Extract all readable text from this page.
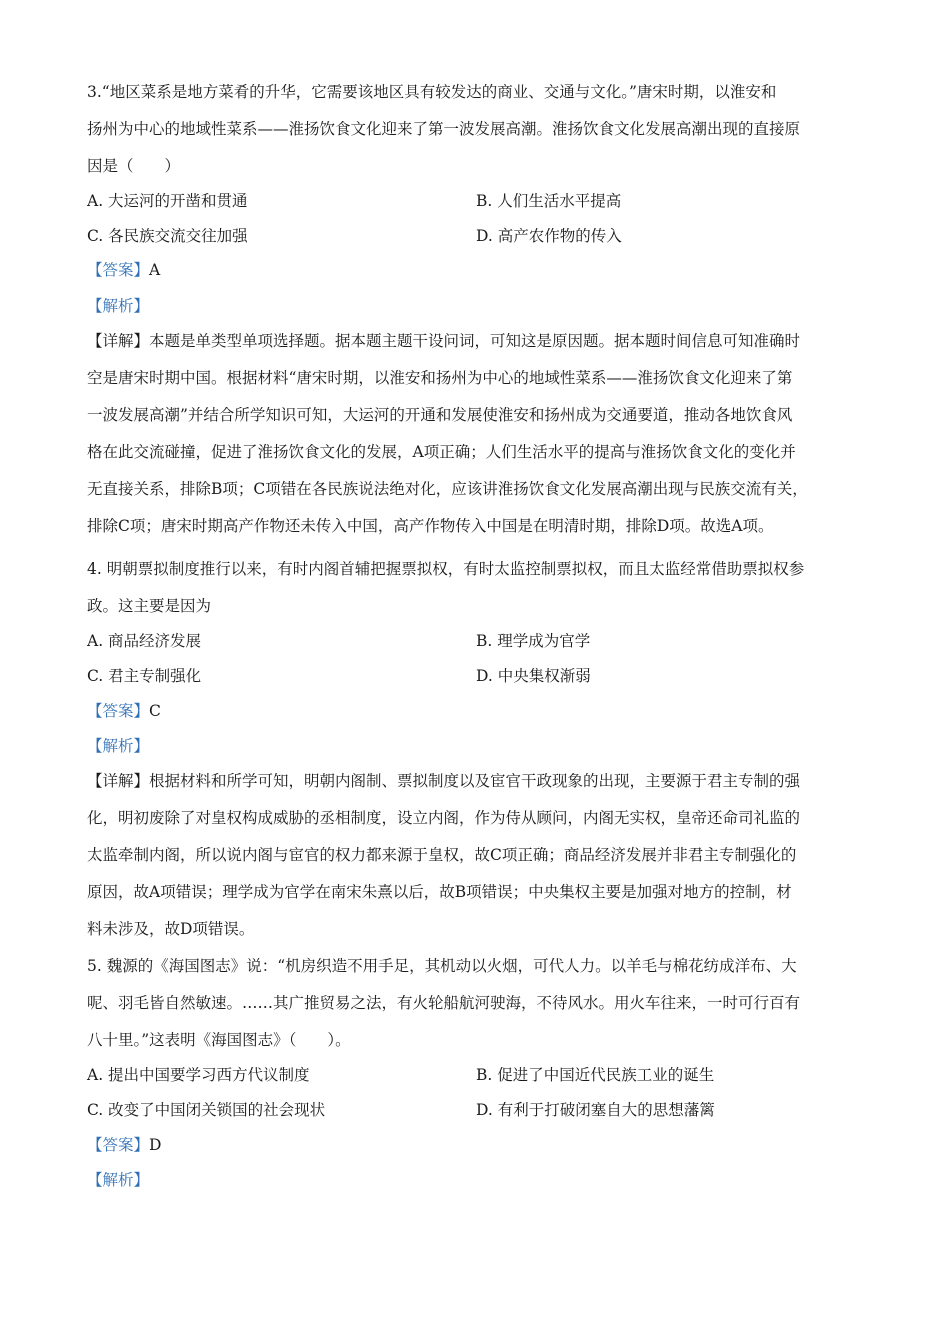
3.“地区菜系是地方菜肴的升华，它需要该地区具有较发达的商业、交通与文化。”唐宋时期，以淮安和
扬州为中心的地域性菜系——淮扬饮食文化迎来了第一波发展高潮。淮扬饮食文化发展高潮出现的直接原
因是（　　）
A. 大运河的开凿和贯通	B. 人们生活水平提高
C. 各民族交流交往加强	D. 高产农作物的传入
【答案】A
【解析】
【详解】本题是单类型单项选择题。据本题主题干设问词，可知这是原因题。据本题时间信息可知准确时
空是唐宋时期中国。根据材料“唐宋时期，以淮安和扬州为中心的地域性菜系——淮扬饮食文化迎来了第
一波发展高潮”并结合所学知识可知，大运河的开通和发展使淮安和扬州成为交通要道，推动各地饮食风
格在此交流碰撞，促进了淮扬饮食文化的发展，A项正确；人们生活水平的提高与淮扬饮食文化的变化并
无直接关系，排除B项；C项错在各民族说法绝对化，应该讲淮扬饮食文化发展高潮出现与民族交流有关，
排除C项；唐宋时期高产作物还未传入中国，高产作物传入中国是在明清时期，排除D项。故选A项。
4. 明朝票拟制度推行以来，有时内阁首辅把握票拟权，有时太监控制票拟权，而且太监经常借助票拟权参
政。这主要是因为
A. 商品经济发展	B. 理学成为官学
C. 君主专制强化	D. 中央集权渐弱
【答案】C
【解析】
【详解】根据材料和所学可知，明朝内阁制、票拟制度以及宦官干政现象的出现，主要源于君主专制的强
化，明初废除了对皇权构成威胁的丞相制度，设立内阁，作为侍从顾问，内阁无实权，皇帝还命司礼监的
太监牵制内阁，所以说内阁与宦官的权力都来源于皇权，故C项正确；商品经济发展并非君主专制强化的
原因，故A项错误；理学成为官学在南宋朱熹以后，故B项错误；中央集权主要是加强对地方的控制，材
料未涉及，故D项错误。
5. 魏源的《海国图志》说：“机房织造不用手足，其机动以火烟，可代人力。以羊毛与棉花纺成洋布、大
呢、羽毛皆自然敏速。……其广推贸易之法，有火轮船航河驶海，不待风水。用火车往来，一时可行百有
八十里。”这表明《海国图志》（　　）。
A. 提出中国要学习西方代议制度	B. 促进了中国近代民族工业的诞生
C. 改变了中国闭关锁国的社会现状	D. 有利于打破闭塞自大的思想藩篱
【答案】D
【解析】
